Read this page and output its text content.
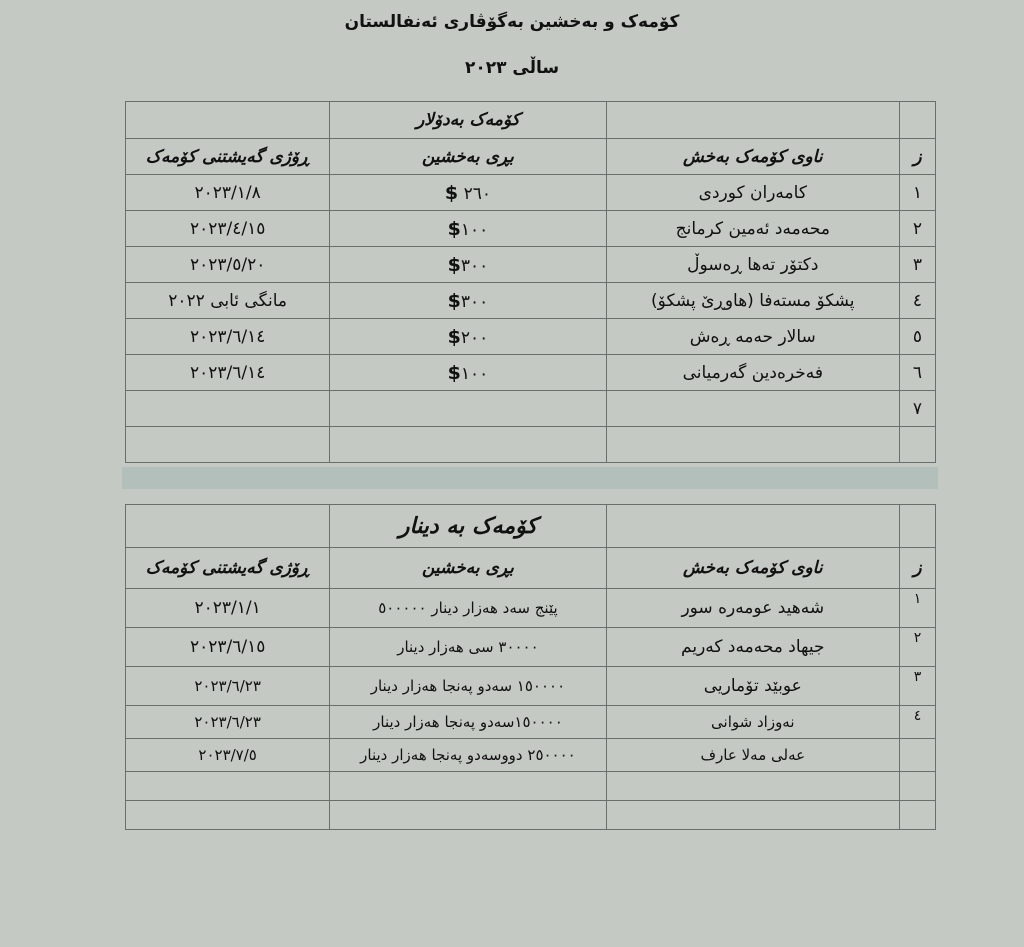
کۆمەک و بەخشین بەگۆڤاری ئەنفالستان
ساڵی ٢٠٢٣
		کۆمەک بەدۆلار	
ز	ناوی کۆمەک بەخش	بڕی بەخشین	ڕۆژی گەیشتنی کۆمەک
١	کامەران کوردی	٢٦٠ $	٢٠٢٣/١/٨
٢	محەمەد ئەمین کرمانج	١٠٠$	٢٠٢٣/٤/١٥
٣	دکتۆر تەها ڕەسوڵ	٣٠٠$	٢٠٢٣/٥/٢٠
٤	پشکۆ مستەفا (هاوڕێ پشکۆ)	٣٠٠$	مانگی ئابی ٢٠٢٢
٥	سالار حەمە ڕەش	٢٠٠$	٢٠٢٣/٦/١٤
٦	فەخرەدین گەرمیانی	١٠٠$	٢٠٢٣/٦/١٤
٧			

		کۆمەک بە دینار	
ز	ناوی کۆمەک بەخش	بڕی بەخشین	ڕۆژی گەیشتنی کۆمەک
١	شەهید عومەرە سور	پێنج سەد هەزار دینار ٥٠٠٠٠٠	٢٠٢٣/١/١
٢	جیهاد محەمەد کەریم	٣٠٠٠٠ سی هەزار دینار	٢٠٢٣/٦/١٥
٣	عوبێد تۆماریی	١٥٠٠٠٠ سەدو پەنجا هەزار دینار	٢٠٢٣/٦/٢٣
٤	نەوزاد شوانی	١٥٠٠٠٠سەدو پەنجا هەزار دینار	٢٠٢٣/٦/٢٣
	عەلی مەلا عارف	٢٥٠٠٠٠ دووسەدو پەنجا هەزار دینار	٢٠٢٣/٧/٥
